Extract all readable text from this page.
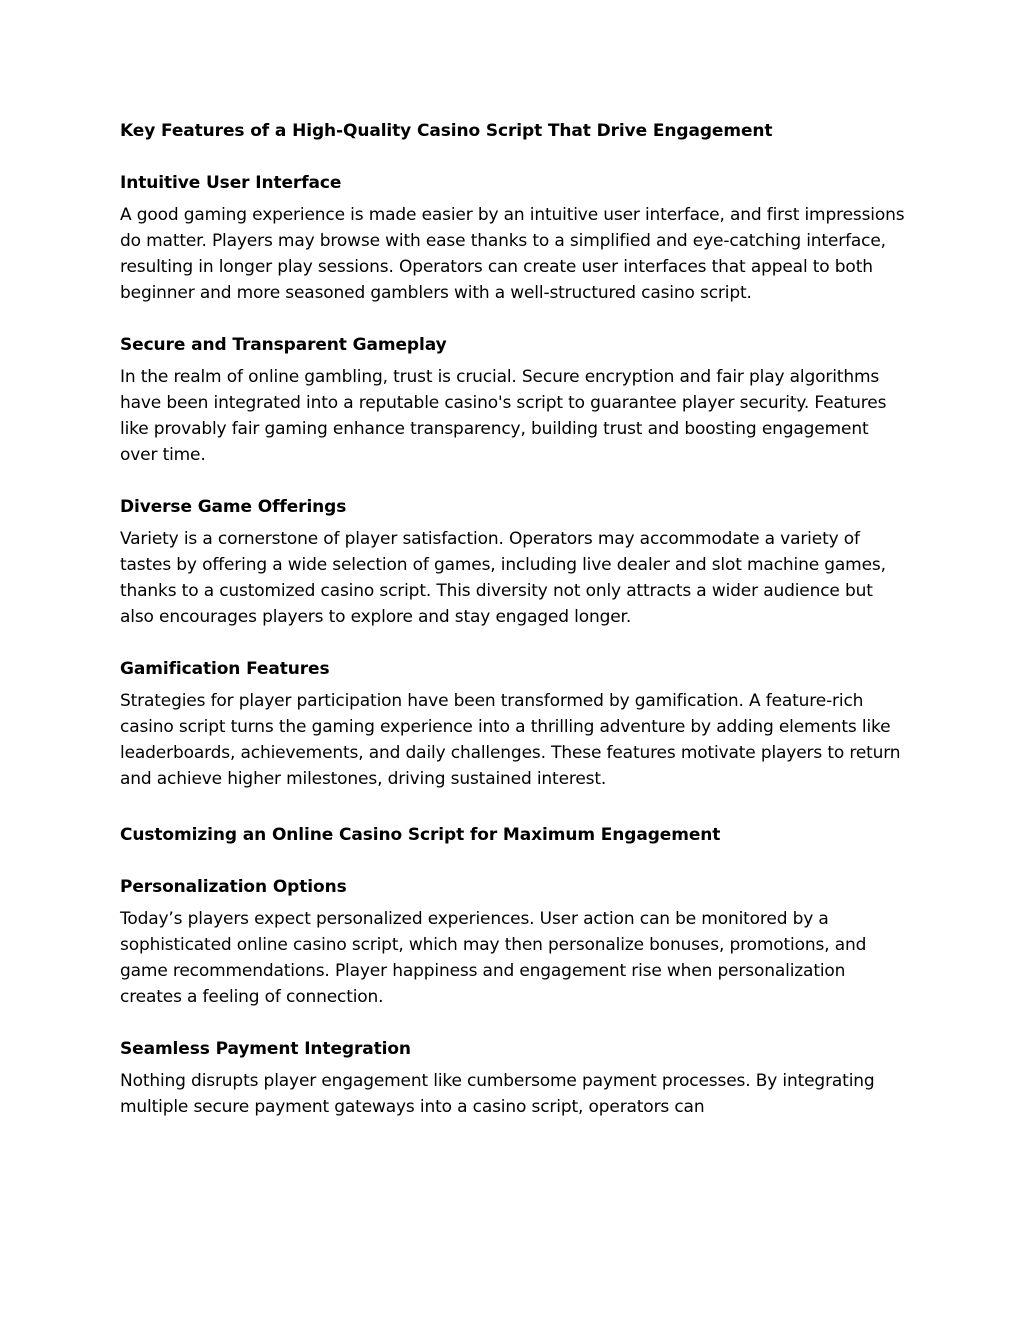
Key Features of a High-Quality Casino Script That Drive Engagement
Intuitive User Interface

A good gaming experience is made easier by an intuitive user interface, and first impressions do matter. Players may browse with ease thanks to a simplified and eye-catching interface, resulting in longer play sessions. Operators can create user interfaces that appeal to both beginner and more seasoned gamblers with a well-structured casino script.

Secure and Transparent Gameplay

In the realm of online gambling, trust is crucial. Secure encryption and fair play algorithms have been integrated into a reputable casino's script to guarantee player security. Features like provably fair gaming enhance transparency, building trust and boosting engagement over time.

Diverse Game Offerings

Variety is a cornerstone of player satisfaction. Operators may accommodate a variety of tastes by offering a wide selection of games, including live dealer and slot machine games, thanks to a customized casino script. This diversity not only attracts a wider audience but also encourages players to explore and stay engaged longer.

Gamification Features

Strategies for player participation have been transformed by gamification. A feature-rich casino script turns the gaming experience into a thrilling adventure by adding elements like leaderboards, achievements, and daily challenges. These features motivate players to return and achieve higher milestones, driving sustained interest.

Customizing an Online Casino Script for Maximum Engagement
Personalization Options

Today’s players expect personalized experiences. User action can be monitored by a sophisticated online casino script, which may then personalize bonuses, promotions, and game recommendations. Player happiness and engagement rise when personalization creates a feeling of connection.

Seamless Payment Integration

Nothing disrupts player engagement like cumbersome payment processes. By integrating multiple secure payment gateways into a casino script, operators can
